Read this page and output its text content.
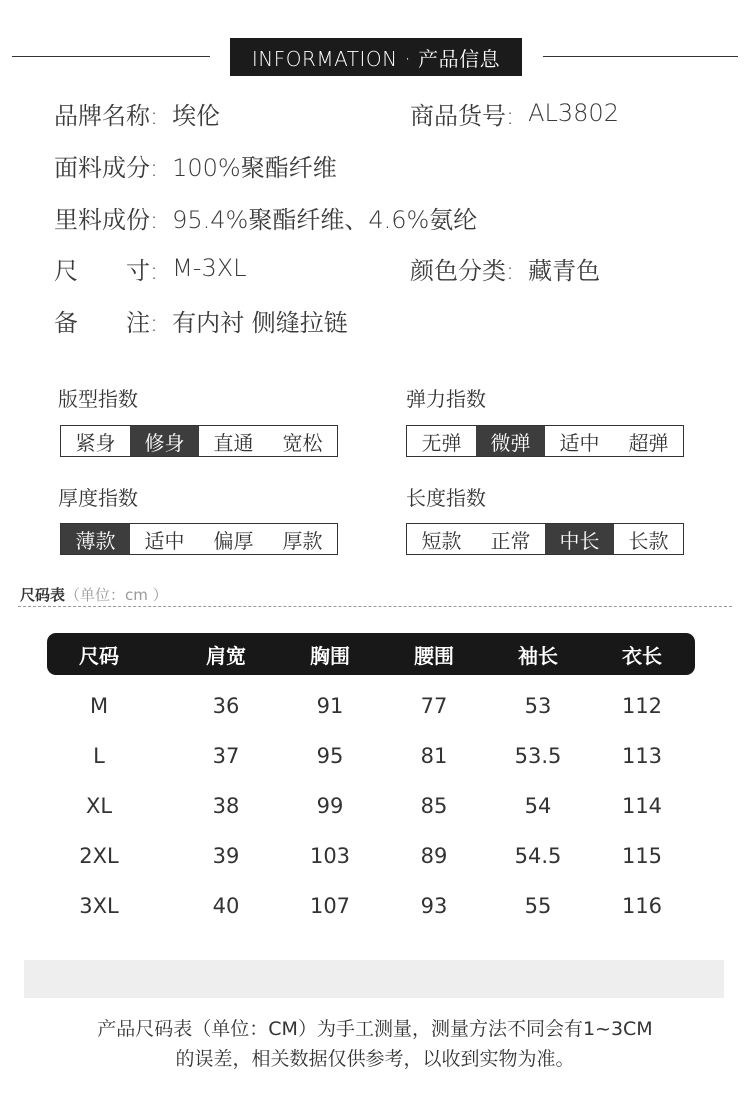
INFORMATION · 产品信息
品牌名称: 埃伦	商品货号: AL3802
面料成分: 100%聚酯纤维
里料成份: 95.4%聚酯纤维、4.6%氨纶
尺　　寸: M-3XL	颜色分类: 藏青色
备　　注: 有内衬 侧缝拉链
版型指数
紧身	修身	直通	宽松
弹力指数
无弹	微弹	适中	超弹
厚度指数
薄款	适中	偏厚	厚款
长度指数
短款	正常	中长	长款
尺码表（单位：cm ）
尺码	肩宽	胸围	腰围	袖长	衣长
M	36	91	77	53	112
L	37	95	81	53.5	113
XL	38	99	85	54	114
2XL	39	103	89	54.5	115
3XL	40	107	93	55	116
产品尺码表（单位：CM）为手工测量，测量方法不同会有1~3CM
的误差，相关数据仅供参考，以收到实物为准。
